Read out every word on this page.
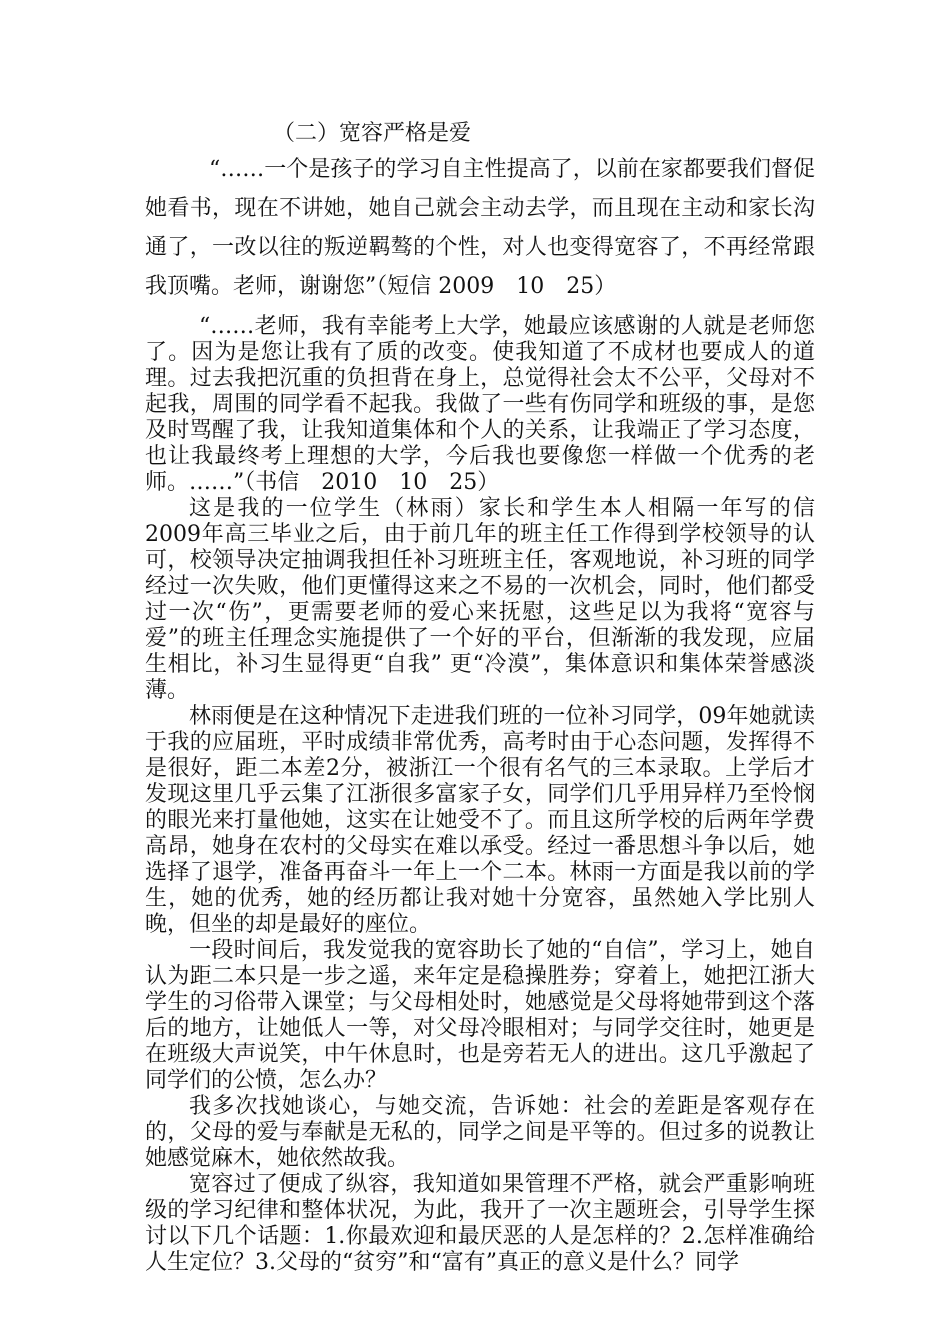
（二）宽容严格是爱

“……一个是孩子的学习自主性提高了，以前在家都要我们督促她看书，现在不讲她，她自己就会主动去学，而且现在主动和家长沟通了，一改以往的叛逆羁骜的个性，对人也变得宽容了，不再经常跟我顶嘴。老师，谢谢您”（短信 2009　10　25）

“……老师，我有幸能考上大学，她最应该感谢的人就是老师您了。因为是您让我有了质的改变。使我知道了不成材也要成人的道理。过去我把沉重的负担背在身上，总觉得社会太不公平，父母对不起我，周围的同学看不起我。我做了一些有伤同学和班级的事，是您及时骂醒了我，让我知道集体和个人的关系，让我端正了学习态度，也让我最终考上理想的大学，今后我也要像您一样做一个优秀的老师。……”（书信　2010　10　25）

这是我的一位学生（林雨）家长和学生本人相隔一年写的信2009年高三毕业之后，由于前几年的班主任工作得到学校领导的认可，校领导决定抽调我担任补习班班主任，客观地说，补习班的同学经过一次失败，他们更懂得这来之不易的一次机会，同时，他们都受过一次“伤”，更需要老师的爱心来抚慰，这些足以为我将“宽容与爱”的班主任理念实施提供了一个好的平台，但渐渐的我发现，应届生相比，补习生显得更“自我” 更“冷漠”，集体意识和集体荣誉感淡薄。

林雨便是在这种情况下走进我们班的一位补习同学，09年她就读于我的应届班，平时成绩非常优秀，高考时由于心态问题，发挥得不是很好，距二本差2分，被浙江一个很有名气的三本录取。上学后才发现这里几乎云集了江浙很多富家子女，同学们几乎用异样乃至怜悯的眼光来打量他她，这实在让她受不了。而且这所学校的后两年学费高昂，她身在农村的父母实在难以承受。经过一番思想斗争以后，她选择了退学，准备再奋斗一年上一个二本。林雨一方面是我以前的学生，她的优秀，她的经历都让我对她十分宽容，虽然她入学比别人晚，但坐的却是最好的座位。

一段时间后，我发觉我的宽容助长了她的“自信”，学习上，她自认为距二本只是一步之遥，来年定是稳操胜券；穿着上，她把江浙大学生的习俗带入课堂；与父母相处时，她感觉是父母将她带到这个落后的地方，让她低人一等，对父母冷眼相对；与同学交往时，她更是在班级大声说笑，中午休息时，也是旁若无人的进出。这几乎激起了同学们的公愤，怎么办？

我多次找她谈心，与她交流，告诉她：社会的差距是客观存在的，父母的爱与奉献是无私的，同学之间是平等的。但过多的说教让她感觉麻木，她依然故我。

宽容过了便成了纵容，我知道如果管理不严格，就会严重影响班级的学习纪律和整体状况，为此，我开了一次主题班会，引导学生探讨以下几个话题：1.你最欢迎和最厌恶的人是怎样的？2.怎样准确给人生定位？3.父母的“贫穷”和“富有”真正的意义是什么？同学
